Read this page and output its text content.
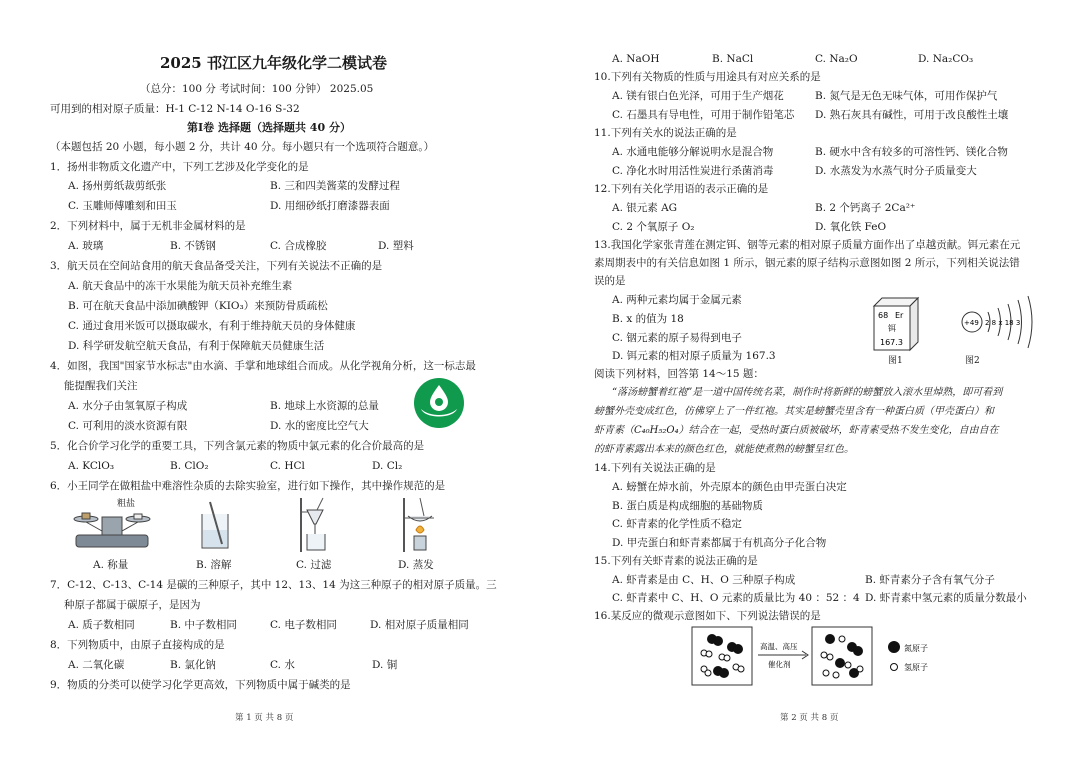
2025 邗江区九年级化学二模试卷
（总分：100 分 考试时间：100 分钟） 2025.05
可用到的相对原子质量：H-1 C-12 N-14 O-16 S-32
第Ⅰ卷 选择题（选择题共 40 分）
（本题包括 20 小题，每小题 2 分，共计 40 分。每小题只有一个选项符合题意。）
1．扬州非物质文化遗产中，下列工艺涉及化学变化的是
A. 扬州剪纸裁剪纸张	B. 三和四美酱菜的发酵过程
C. 玉雕师傅雕刻和田玉	D. 用细砂纸打磨漆器表面
2．下列材料中，属于无机非金属材料的是
A. 玻璃	B. 不锈钢	C. 合成橡胶	D. 塑料
3．航天员在空间站食用的航天食品备受关注，下列有关说法不正确的是
A. 航天食品中的冻干水果能为航天员补充维生素
B. 可在航天食品中添加碘酸钾（KIO₃）来预防骨质疏松
C. 通过食用米饭可以摄取碳水，有利于维持航天员的身体健康
D. 科学研发航空航天食品，有利于保障航天员健康生活
4．如图，我国"国家节水标志"由水滴、手掌和地球组合而成。从化学视角分析，这一标志最
能提醒我们关注
A. 水分子由氢氧原子构成	B. 地球上水资源的总量
C. 可利用的淡水资源有限	D. 水的密度比空气大
5．化合价学习化学的重要工具，下列含氯元素的物质中氯元素的化合价最高的是
A. KClO₃	B. ClO₂	C. HCl	D. Cl₂
6．小王同学在做粗盐中难溶性杂质的去除实验室，进行如下操作，其中操作规范的是
粗盐
A. 称量	B. 溶解	C. 过滤	D. 蒸发
7．C-12、C-13、C-14 是碳的三种原子，其中 12、13、14 为这三种原子的相对原子质量。三
种原子都属于碳原子，是因为
A. 质子数相同	B. 中子数相同	C. 电子数相同	D. 相对原子质量相同
8．下列物质中，由原子直接构成的是
A. 二氧化碳	B. 氯化钠	C. 水	D. 铜
9．物质的分类可以使学习化学更高效，下列物质中属于碱类的是
第 1 页 共 8 页
A. NaOH	B. NaCl	C. Na₂O	D. Na₂CO₃
10.下列有关物质的性质与用途具有对应关系的是
A. 镁有银白色光泽，可用于生产烟花	B. 氮气是无色无味气体，可用作保护气
C. 石墨具有导电性，可用于制作铅笔芯 D. 熟石灰具有碱性，可用于改良酸性土壤
11.下列有关水的说法正确的是
A. 水通电能够分解说明水是混合物	B. 硬水中含有较多的可溶性钙、镁化合物
C. 净化水时用活性炭进行杀菌消毒	D. 水蒸发为水蒸气时分子质量变大
12.下列有关化学用语的表示正确的是
A. 银元素 AG	B. 2 个钙离子 2Ca²⁺
C. 2 个氧原子 O₂	D. 氧化铁 FeO
13.我国化学家张青莲在测定铒、铟等元素的相对原子质量方面作出了卓越贡献。铒元素在元
素周期表中的有关信息如图 1 所示，铟元素的原子结构示意图如图 2 所示，下列相关说法错
误的是
A. 两种元素均属于金属元素
B. x 的值为 18
C. 铟元素的原子易得到电子
D. 铒元素的相对原子质量为 167.3
68 Er
铒
167.3
图1
+49 2 8 x 18 3
图2
阅读下列材料，回答第 14～15 题：
“落汤螃蟹着红袍”是一道中国传统名菜，制作时将新鲜的螃蟹放入滚水里焯熟，即可看到
螃蟹外壳变成红色，仿佛穿上了一件红袍。其实是螃蟹壳里含有一种蛋白质（甲壳蛋白）和
虾青素（C₄₀H₅₂O₄）结合在一起，受热时蛋白质被破坏，虾青素受热不发生变化，自由自在
的虾青素露出本来的颜色红色，就能使煮熟的螃蟹呈红色。
14.下列有关说法正确的是
A. 螃蟹在焯水前，外壳原本的颜色由甲壳蛋白决定
B. 蛋白质是构成细胞的基础物质
C. 虾青素的化学性质不稳定
D. 甲壳蛋白和虾青素都属于有机高分子化合物
15.下列有关虾青素的说法正确的是
A. 虾青素是由 C、H、O 三种原子构成	B. 虾青素分子含有氧气分子
C. 虾青素中 C、H、O 元素的质量比为 40 ：52 ：4 D. 虾青素中氢元素的质量分数最小
16.某反应的微观示意图如下、下列说法错误的是
高温、高压
催化剂
氮原子
氢原子
第 2 页 共 8 页
